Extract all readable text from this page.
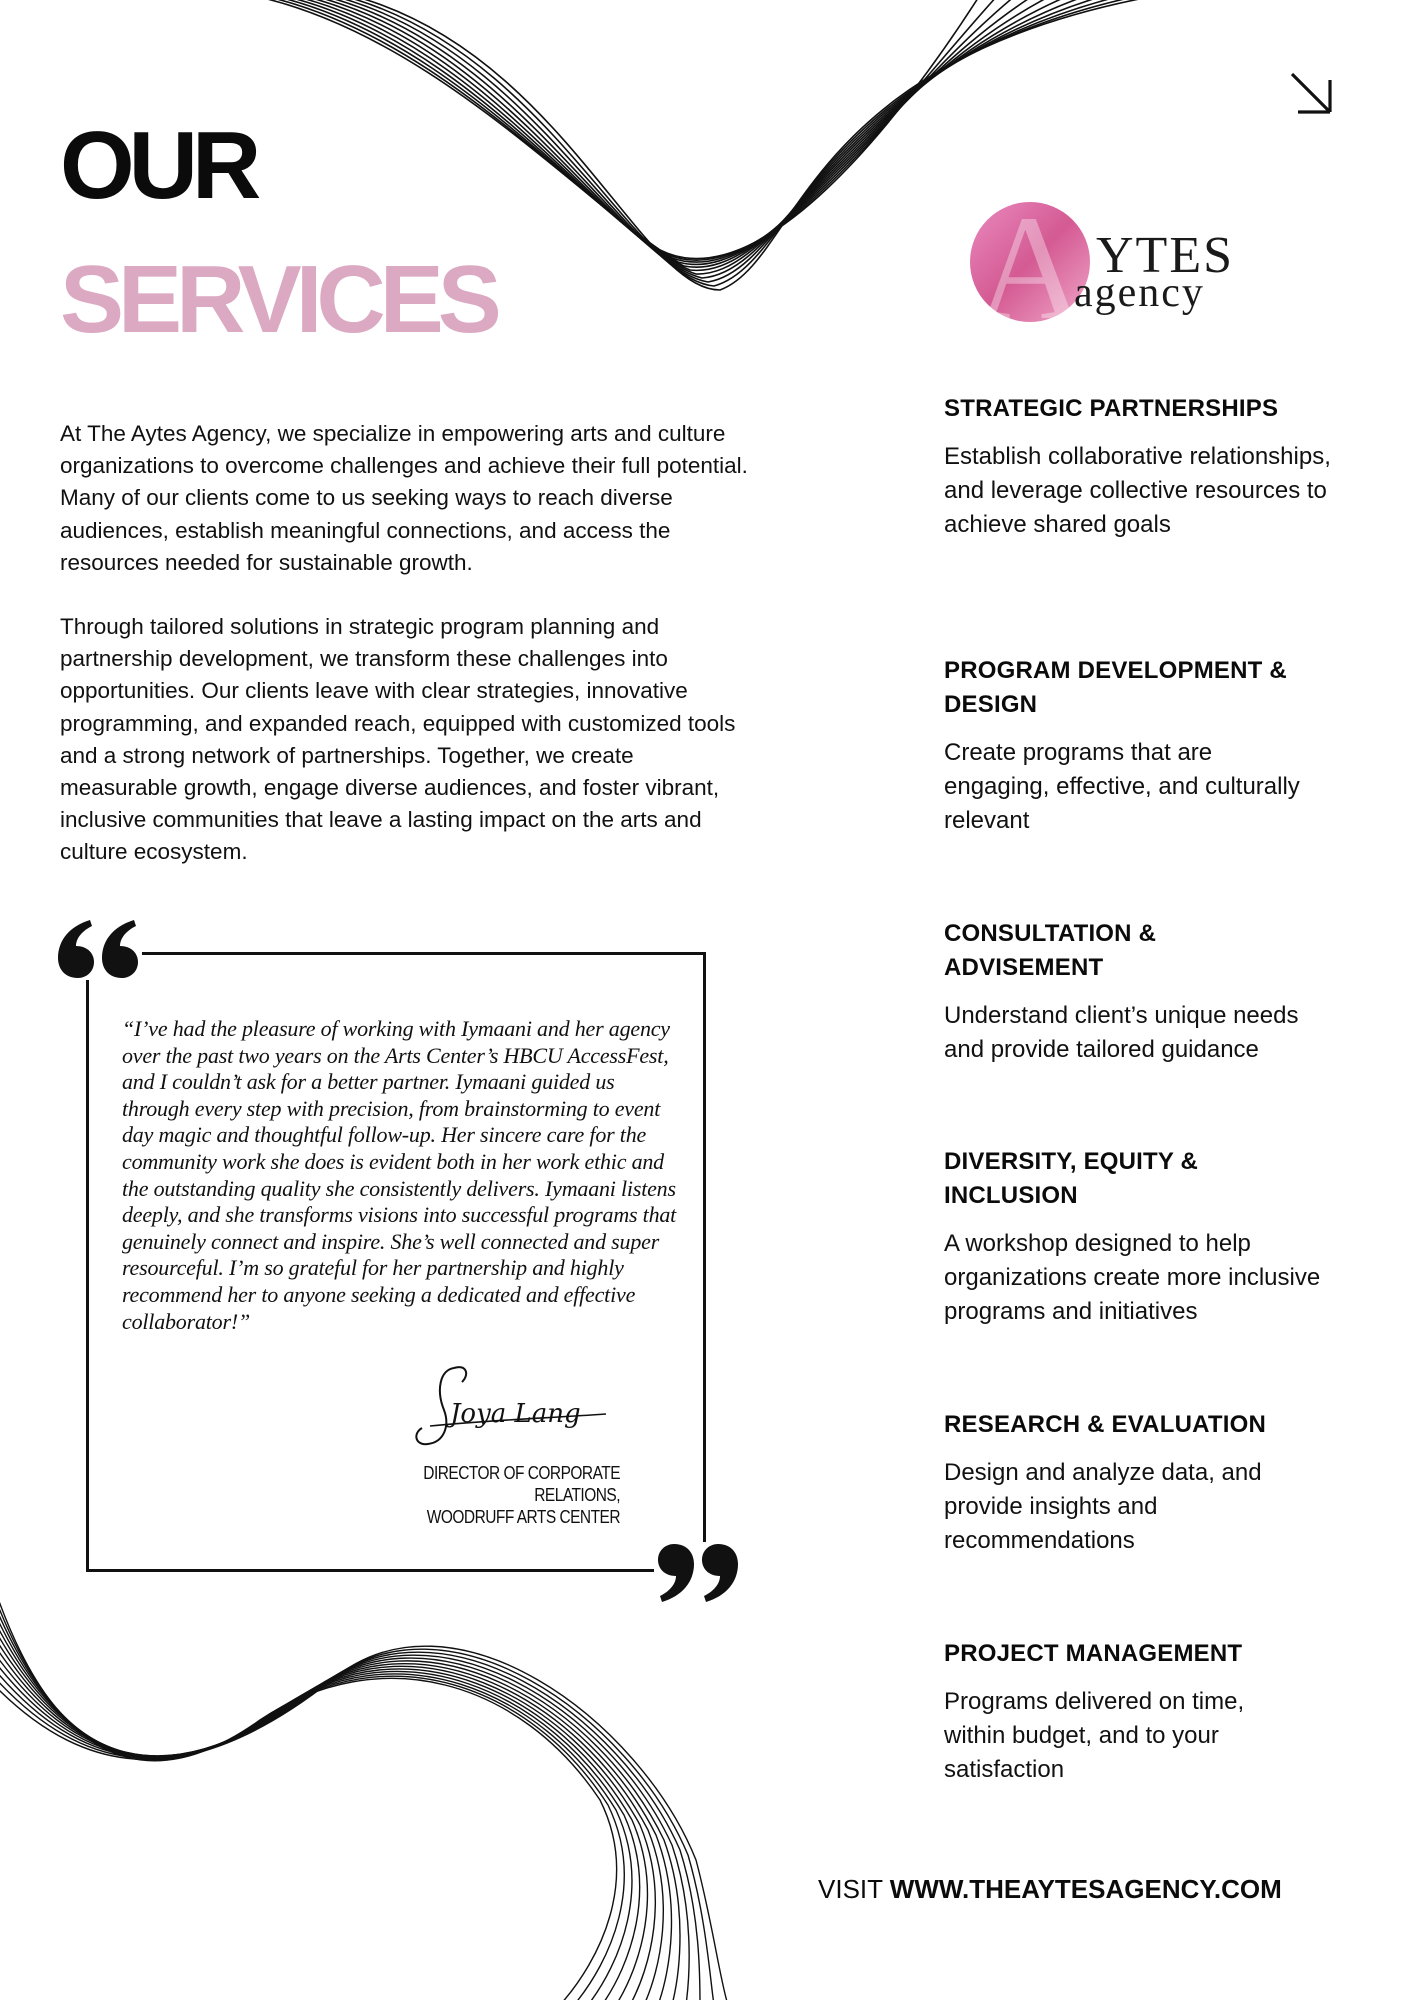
OUR
SERVICES	A YTES
agency

At The Aytes Agency, we specialize in empowering arts and culture organizations to overcome challenges and achieve their full potential. Many of our clients come to us seeking ways to reach diverse audiences, establish meaningful connections, and access the resources needed for sustainable growth.

Through tailored solutions in strategic program planning and partnership development, we transform these challenges into opportunities. Our clients leave with clear strategies, innovative programming, and expanded reach, equipped with customized tools and a strong network of partnerships. Together, we create measurable growth, engage diverse audiences, and foster vibrant, inclusive communities that leave a lasting impact on the arts and culture ecosystem.

“I’ve had the pleasure of working with Iymaani and her agency over the past two years on the Arts Center’s HBCU AccessFest, and I couldn’t ask for a better partner. Iymaani guided us through every step with precision, from brainstorming to event day magic and thoughtful follow-up. Her sincere care for the community work she does is evident both in her work ethic and the outstanding quality she consistently delivers. Iymaani listens deeply, and she transforms visions into successful programs that genuinely connect and inspire. She’s well connected and super resourceful. I’m so grateful for her partnership and highly recommend her to anyone seeking a dedicated and effective collaborator!”
Joya Lang
DIRECTOR OF CORPORATE RELATIONS,
WOODRUFF ARTS CENTER
STRATEGIC PARTNERSHIPS

Establish collaborative relationships, and leverage collective resources to achieve shared goals

PROGRAM DEVELOPMENT & DESIGN

Create programs that are engaging, effective, and culturally relevant

CONSULTATION & ADVISEMENT

Understand client’s unique needs and provide tailored guidance

DIVERSITY, EQUITY & INCLUSION

A workshop designed to help organizations create more inclusive programs and initiatives

RESEARCH & EVALUATION

Design and analyze data, and provide insights and recommendations

PROJECT MANAGEMENT

Programs delivered on time, within budget, and to your satisfaction

VISIT WWW.THEAYTESAGENCY.COM
